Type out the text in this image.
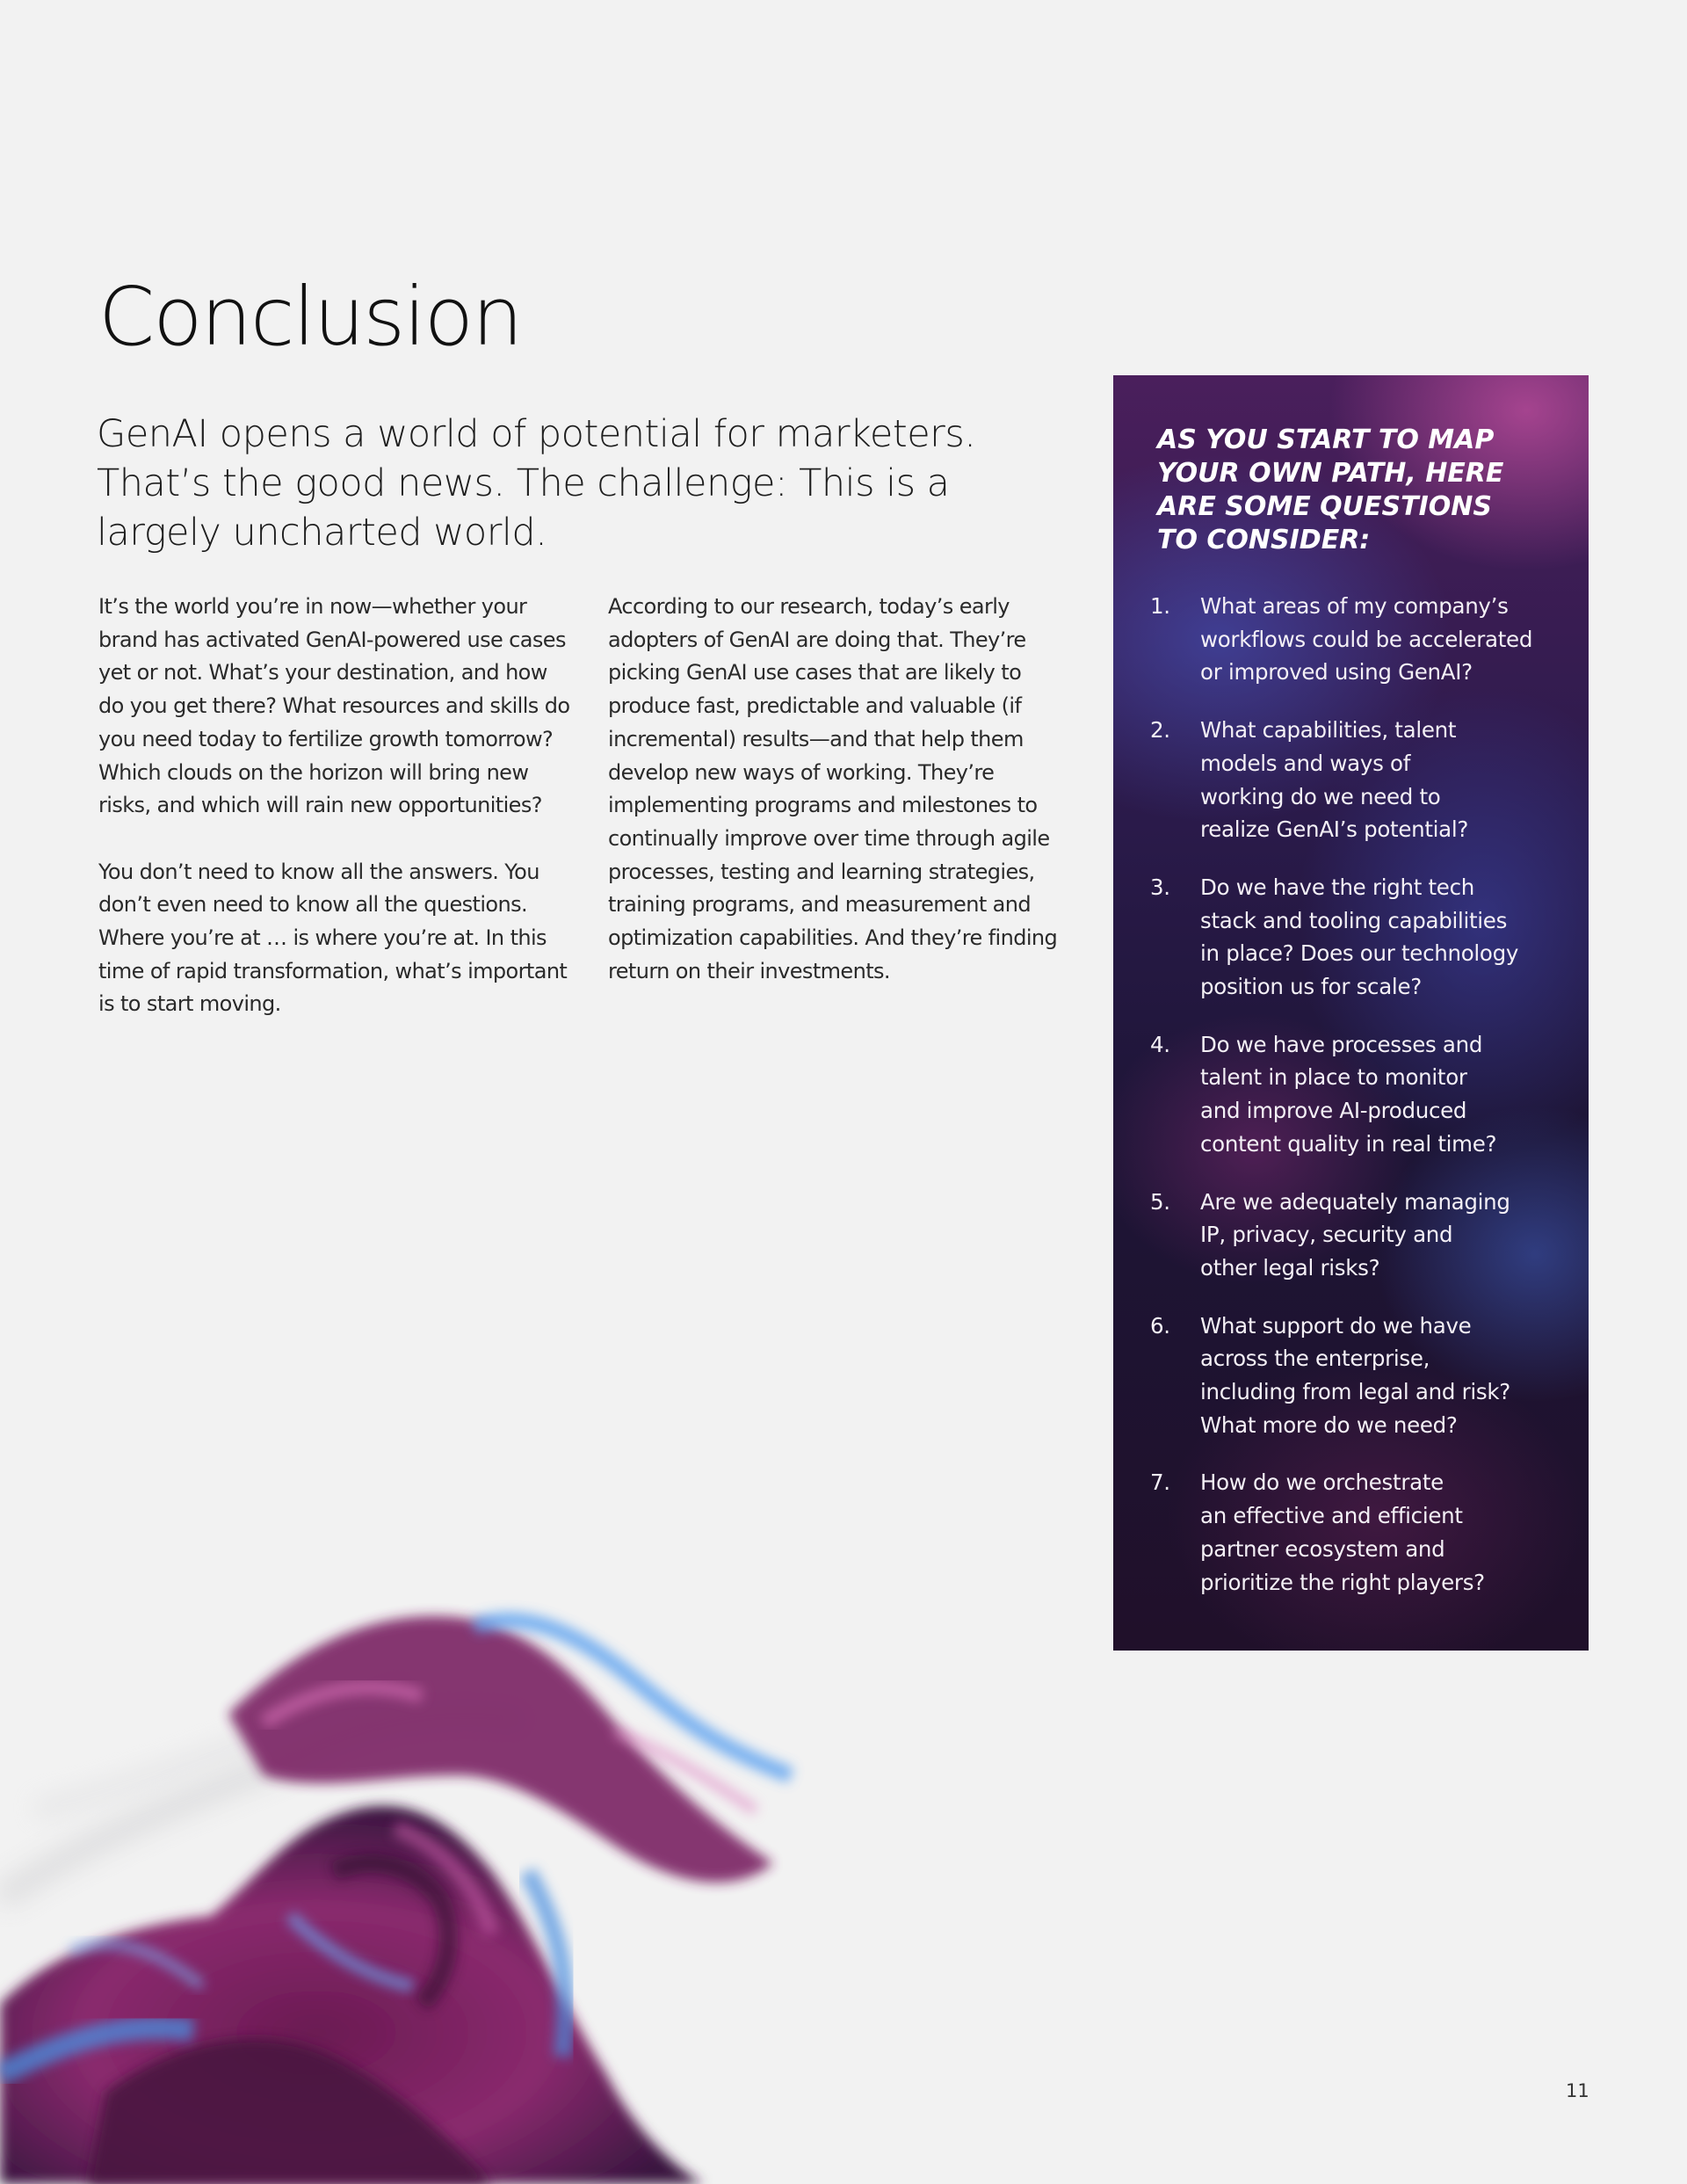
Conclusion
GenAI opens a world of potential for marketers.
That’s the good news. The challenge: This is a
largely uncharted world.

It’s the world you’re in now—whether your
brand has activated GenAI-powered use cases
yet or not. What’s your destination, and how
do you get there? What resources and skills do
you need today to fertilize growth tomorrow?
Which clouds on the horizon will bring new
risks, and which will rain new opportunities?

You don’t need to know all the answers. You
don’t even need to know all the questions.
Where you’re at … is where you’re at. In this
time of rapid transformation, what’s important
is to start moving.

According to our research, today’s early
adopters of GenAI are doing that. They’re
picking GenAI use cases that are likely to
produce fast, predictable and valuable (if
incremental) results—and that help them
develop new ways of working. They’re
implementing programs and milestones to
continually improve over time through agile
processes, testing and learning strategies,
training programs, and measurement and
optimization capabilities. And they’re finding
return on their investments.

AS YOU START TO MAP
YOUR OWN PATH, HERE
ARE SOME QUESTIONS
TO CONSIDER:
1. What areas of my company’s
workflows could be accelerated
or improved using GenAI?
2. What capabilities, talent
models and ways of
working do we need to
realize GenAI’s potential?
3. Do we have the right tech
stack and tooling capabilities
in place? Does our technology
position us for scale?
4. Do we have processes and
talent in place to monitor
and improve AI-produced
content quality in real time?
5. Are we adequately managing
IP, privacy, security and
other legal risks?
6. What support do we have
across the enterprise,
including from legal and risk?
What more do we need?
7. How do we orchestrate
an effective and efficient
partner ecosystem and
prioritize the right players?
11
